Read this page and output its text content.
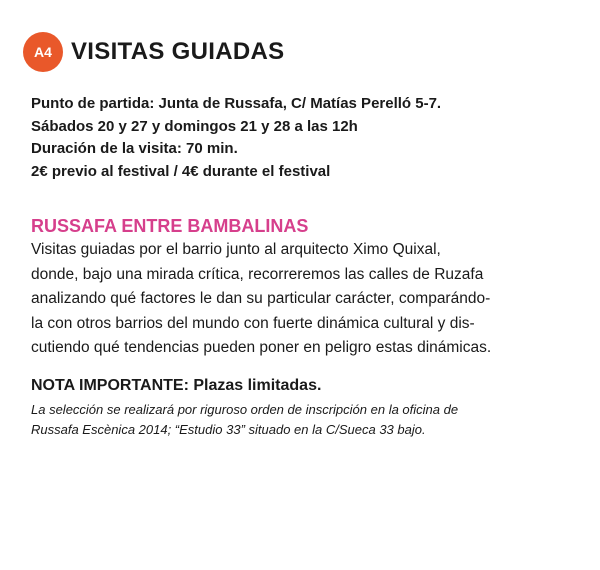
A4 VISITAS GUIADAS
Punto de partida: Junta de Russafa, C/ Matías Perelló 5-7.
Sábados 20 y 27 y domingos 21 y 28 a las 12h
Duración de la visita: 70 min.
2€ previo al festival / 4€ durante el festival
RUSSAFA ENTRE BAMBALINAS
Visitas guiadas por el barrio junto al arquitecto Ximo Quixal,
donde, bajo una mirada crítica, recorreremos las calles de Ruzafa
analizando qué factores le dan su particular carácter, comparándo-
la con otros barrios del mundo con fuerte dinámica cultural y dis-
cutiendo qué tendencias pueden poner en peligro estas dinámicas.
NOTA IMPORTANTE: Plazas limitadas.
La selección se realizará por riguroso orden de inscripción en la oficina de
Russafa Escènica 2014; “Estudio 33” situado en la C/Sueca 33 bajo.
